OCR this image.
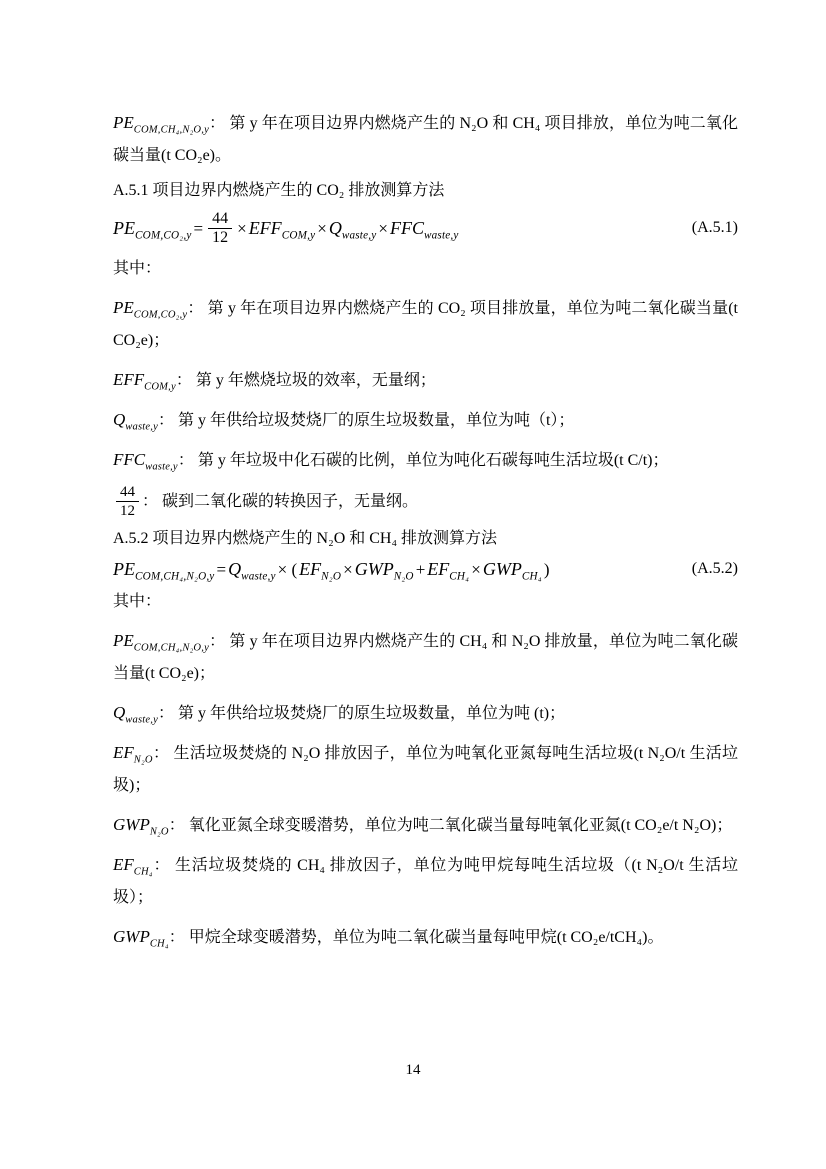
$PE_{COM,CH_4,N_2O,y}$： 第 y 年在项目边界内燃烧产生的 N₂O 和 CH₄ 项目排放，单位为吨二氧化碳当量(t CO₂e)。
A.5.1 项目边界内燃烧产生的 CO₂ 排放测算方法
$PE_{COM,CO_2,y} = \frac{44}{12} \times EFF_{COM,y} \times Q_{waste,y} \times FFC_{waste,y}$	(A.5.1)
其中：
$PE_{COM,CO_2,y}$： 第 y 年在项目边界内燃烧产生的 CO₂ 项目排放量，单位为吨二氧化碳当量(t CO₂e)；
$EFF_{COM,y}$： 第 y 年燃烧垃圾的效率，无量纲；
$Q_{waste,y}$： 第 y 年供给垃圾焚烧厂的原生垃圾数量，单位为吨（t）；
$FFC_{waste,y}$： 第 y 年垃圾中化石碳的比例，单位为吨化石碳每吨生活垃圾(t C/t)；
$\frac{44}{12}$ ： 碳到二氧化碳的转换因子，无量纲。
A.5.2 项目边界内燃烧产生的 N₂O 和 CH₄ 排放测算方法
$PE_{COM,CH_4,N_2O,y} = Q_{waste,y}$ × ( $EF_{N_2O} \times GWP_{N_2O} + EF_{CH_4} \times GWP_{CH_4}$ )	(A.5.2)
其中：
$PE_{COM,CH_4,N_2O,y}$： 第 y 年在项目边界内燃烧产生的 CH₄ 和 N₂O 排放量，单位为吨二氧化碳当量(t CO₂e)；
$Q_{waste,y}$： 第 y 年供给垃圾焚烧厂的原生垃圾数量，单位为吨 (t)；
$EF_{N_2O}$： 生活垃圾焚烧的 N₂O 排放因子，单位为吨氧化亚氮每吨生活垃圾(t N₂O/t 生活垃圾)；
$GWP_{N_2O}$： 氧化亚氮全球变暖潜势，单位为吨二氧化碳当量每吨氧化亚氮(t CO₂e/t N₂O)；
$EF_{CH_4}$： 生活垃圾焚烧的 CH₄ 排放因子，单位为吨甲烷每吨生活垃圾（(t N₂O/t 生活垃圾）；
$GWP_{CH_4}$： 甲烷全球变暖潜势，单位为吨二氧化碳当量每吨甲烷(t CO₂e/tCH₄)。
14
